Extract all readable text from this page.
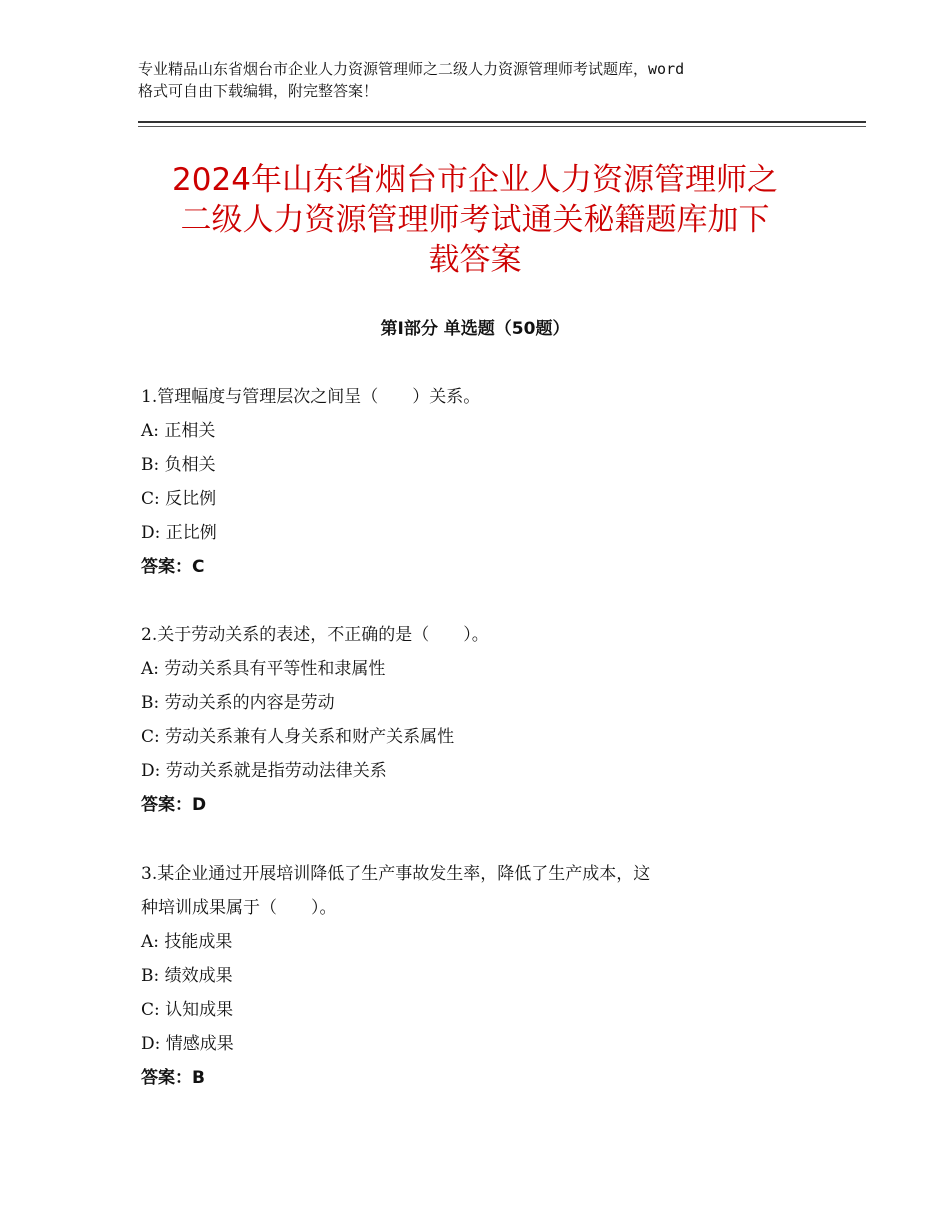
专业精品山东省烟台市企业人力资源管理师之二级人力资源管理师考试题库，word
格式可自由下载编辑，附完整答案！
2024年山东省烟台市企业人力资源管理师之
二级人力资源管理师考试通关秘籍题库加下
载答案
第Ⅰ部分 单选题（50题）
1.管理幅度与管理层次之间呈（　　）关系。
A: 正相关
B: 负相关
C: 反比例
D: 正比例
答案：C
2.关于劳动关系的表述，不正确的是（　　）。
A: 劳动关系具有平等性和隶属性
B: 劳动关系的内容是劳动
C: 劳动关系兼有人身关系和财产关系属性
D: 劳动关系就是指劳动法律关系
答案：D
3.某企业通过开展培训降低了生产事故发生率，降低了生产成本，这
种培训成果属于（　　）。
A: 技能成果
B: 绩效成果
C: 认知成果
D: 情感成果
答案：B
